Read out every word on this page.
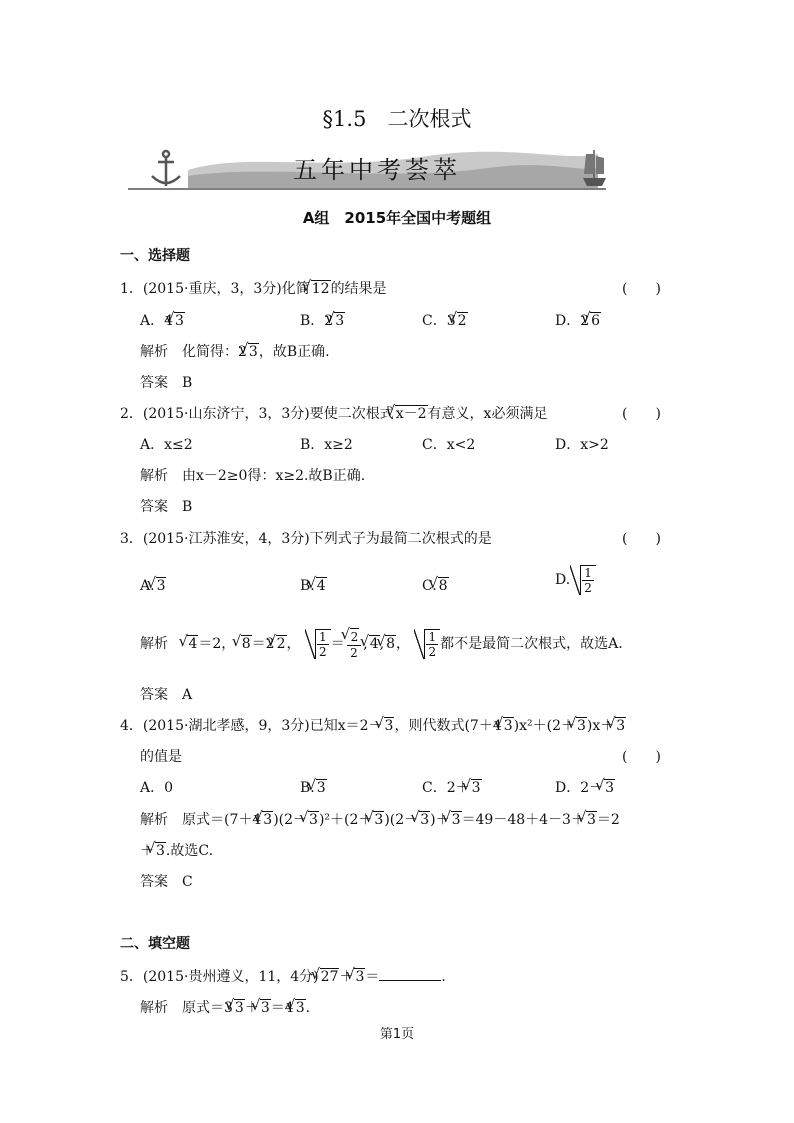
§1.5　二次根式
五年中考荟萃
A组　2015年全国中考题组
一、选择题
1．(2015·重庆，3，3分)化简 √ 12的结果是	(　　)
A．4 √ 3	B．2 √ 3	C．3 √ 2	D．2 √ 6
解析　 化简得：2 √ 3，故B正确.
答案　 B
2．(2015·山东济宁，3，3分)要使二次根式 √ x－2有意义，x必须满足	(　　)
A．x≤2	B．x≥2	C．x<2	D．x>2
解析　 由x－2≥0得：x≥2.故B正确.
答案　 B
3．(2015·江苏淮安，4，3分)下列式子为最简二次根式的是	(　　)
A. √ 3	B. √ 4	C. √ 8	D. $\frac{1}{2}$
解析　 √ 4＝2， √ 8＝2 √ 2， $\frac{1}{2}$ ＝ √ $\frac{2}{2}$ , √ 4, √ 8， $\frac{1}{2}$ 都不是最简二次根式，故选A.
答案　 A
4．(2015·湖北孝感，9，3分)已知x＝2－ √ 3，则代数式(7＋4 √ 3)x²＋(2＋ √ 3)x＋ √ 3
的值是	(　　)
A．0	B. √ 3	C．2＋ √ 3	D．2－ √ 3
解析　 原式＝(7＋4 √ 3)(2－ √ 3)²＋(2＋ √ 3)(2－ √ 3)＋ √ 3＝49－48＋4－3＋ √ 3＝2
＋ √ 3.故选C.
答案　 C
二、填空题
5．(2015·贵州遵义，11，4分) √ 27＋ √ 3＝	.
解析　 原式＝3 √ 3＋ √ 3＝4 √ 3.
第1页
